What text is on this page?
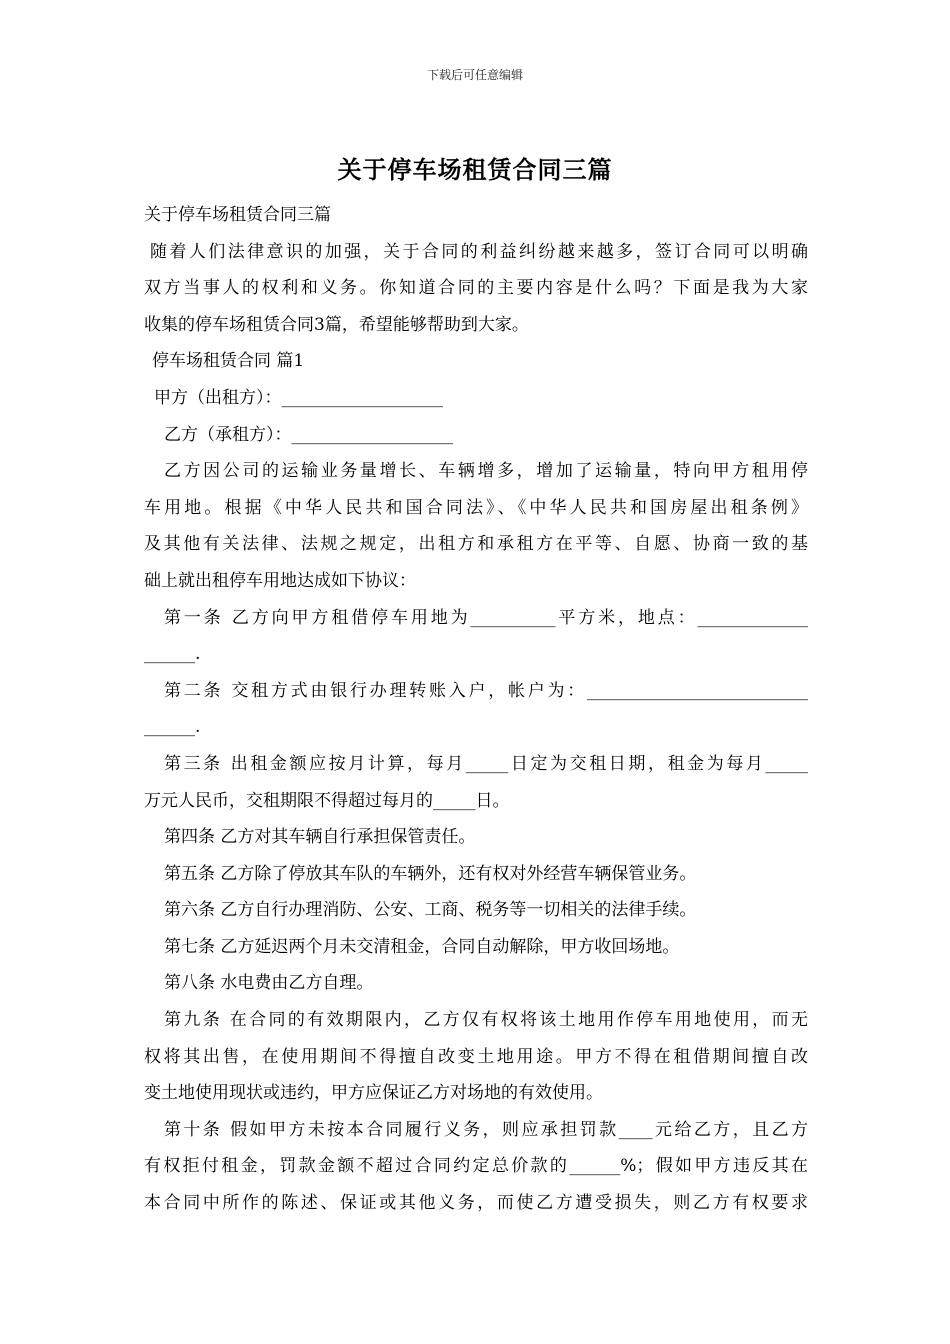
下载后可任意编辑
关于停车场租赁合同三篇
关于停车场租赁合同三篇
随着人们法律意识的加强，关于合同的利益纠纷越来越多，签订合同可以明确
双方当事人的权利和义务。你知道合同的主要内容是什么吗？下面是我为大家
收集的停车场租赁合同3篇，希望能够帮助到大家。
停车场租赁合同 篇1
甲方（出租方）：___________________
乙方（承租方）：___________________
乙方因公司的运输业务量增长、车辆增多，增加了运输量，特向甲方租用停
车用地。根据《中华人民共和国合同法》、《中华人民共和国房屋出租条例》
及其他有关法律、法规之规定，出租方和承租方在平等、自愿、协商一致的基
础上就出租停车用地达成如下协议：
第一条 乙方向甲方租借停车用地为__________平方米，地点：_____________
______.
第二条 交租方式由银行办理转账入户，帐户为：__________________________
______.
第三条 出租金额应按月计算，每月_____日定为交租日期，租金为每月_____
万元人民币，交租期限不得超过每月的_____日。
第四条 乙方对其车辆自行承担保管责任。
第五条 乙方除了停放其车队的车辆外，还有权对外经营车辆保管业务。
第六条 乙方自行办理消防、公安、工商、税务等一切相关的法律手续。
第七条 乙方延迟两个月未交清租金，合同自动解除，甲方收回场地。
第八条 水电费由乙方自理。
第九条 在合同的有效期限内，乙方仅有权将该土地用作停车用地使用，而无
权将其出售，在使用期间不得擅自改变土地用途。甲方不得在租借期间擅自改
变土地使用现状或违约，甲方应保证乙方对场地的有效使用。
第十条 假如甲方未按本合同履行义务，则应承担罚款____元给乙方，且乙方
有权拒付租金，罚款金额不超过合同约定总价款的______%；假如甲方违反其在
本合同中所作的陈述、保证或其他义务，而使乙方遭受损失，则乙方有权要求
